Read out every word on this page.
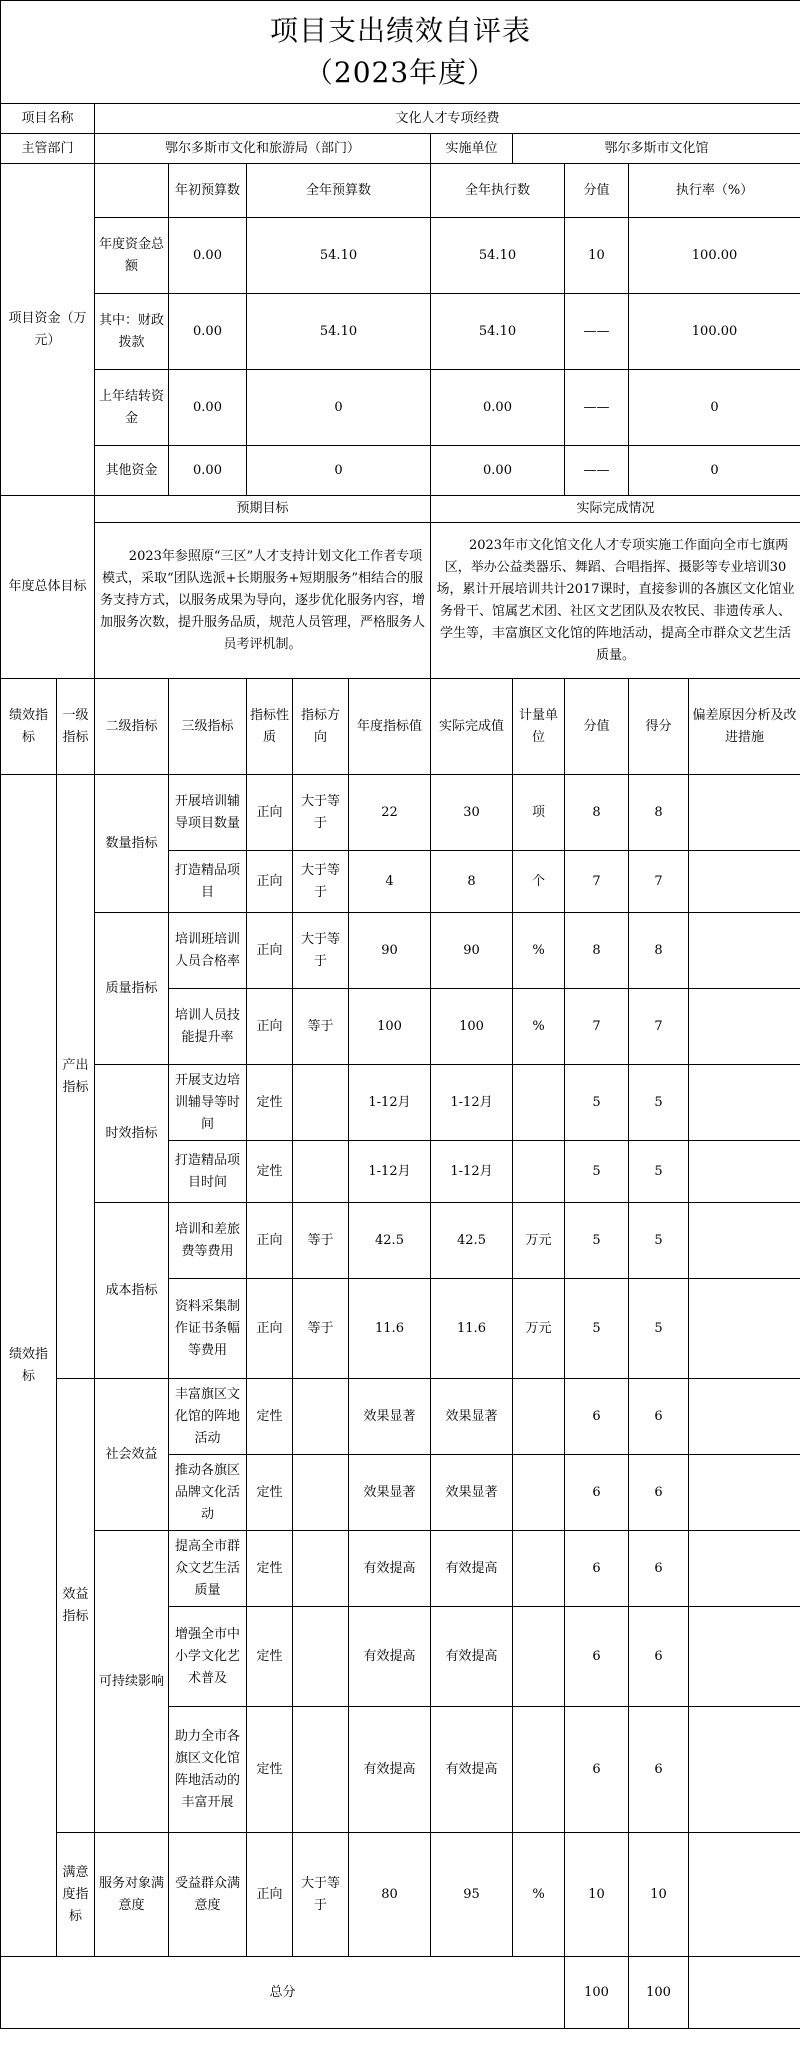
项目支出绩效自评表
（2023年度）											

项目名称		文化人才专项经费									
主管部门		鄂尔多斯市文化和旅游局（部门）					实施单位	鄂尔多斯市文化馆			
项目资金（万元）			年初预算数	全年预算数			全年执行数		分值	执行率（%）	
		年度资金总额	0.00	54.10			54.10		10	100.00	
		其中：财政拨款	0.00	54.10			54.10		——	100.00	
		上年结转资金	0.00	0			0.00		——	0	
		其他资金	0.00	0			0.00		——	0	
年度总体目标		预期目标					实际完成情况				
		2023年参照原“三区”人才支持计划文化工作者专项模式，采取“团队选派+长期服务+短期服务”相结合的服务支持方式，以服务成果为导向，逐步优化服务内容，增加服务次数，提升服务品质，规范人员管理，严格服务人员考评机制。					2023年市文化馆文化人才专项实施工作面向全市七旗两区，举办公益类器乐、舞蹈、合唱指挥、摄影等专业培训30场，累计开展培训共计2017课时，直接参训的各旗区文化馆业务骨干、馆属艺术团、社区文艺团队及农牧民、非遗传承人、学生等，丰富旗区文化馆的阵地活动，提高全市群众文艺生活质量。				
绩效指标	一级指标	二级指标	三级指标	指标性质	指标方向	年度指标值	实际完成值	计量单位	分值	得分	偏差原因分析及改进措施
绩效指标	产出指标	数量指标	开展培训辅导项目数量	正向	大于等于	22	30	项	8	8	
			打造精品项目	正向	大于等于	4	8	个	7	7	
		质量指标	培训班培训人员合格率	正向	大于等于	90	90	%	8	8	
			培训人员技能提升率	正向	等于	100	100	%	7	7	
		时效指标	开展支边培训辅导等时间	定性		1-12月	1-12月		5	5	
			打造精品项目时间	定性		1-12月	1-12月		5	5	
		成本指标	培训和差旅费等费用	正向	等于	42.5	42.5	万元	5	5	
			资料采集制作证书条幅等费用	正向	等于	11.6	11.6	万元	5	5	
	效益指标	社会效益	丰富旗区文化馆的阵地活动	定性		效果显著	效果显著		6	6	
			推动各旗区品牌文化活动	定性		效果显著	效果显著		6	6	
		可持续影响	提高全市群众文艺生活质量	定性		有效提高	有效提高		6	6	
			增强全市中小学文化艺术普及	定性		有效提高	有效提高		6	6	
			助力全市各旗区文化馆阵地活动的丰富开展	定性		有效提高	有效提高		6	6	
	满意度指标	服务对象满意度	受益群众满意度	正向	大于等于	80	95	%	10	10	
总分									100	100	
